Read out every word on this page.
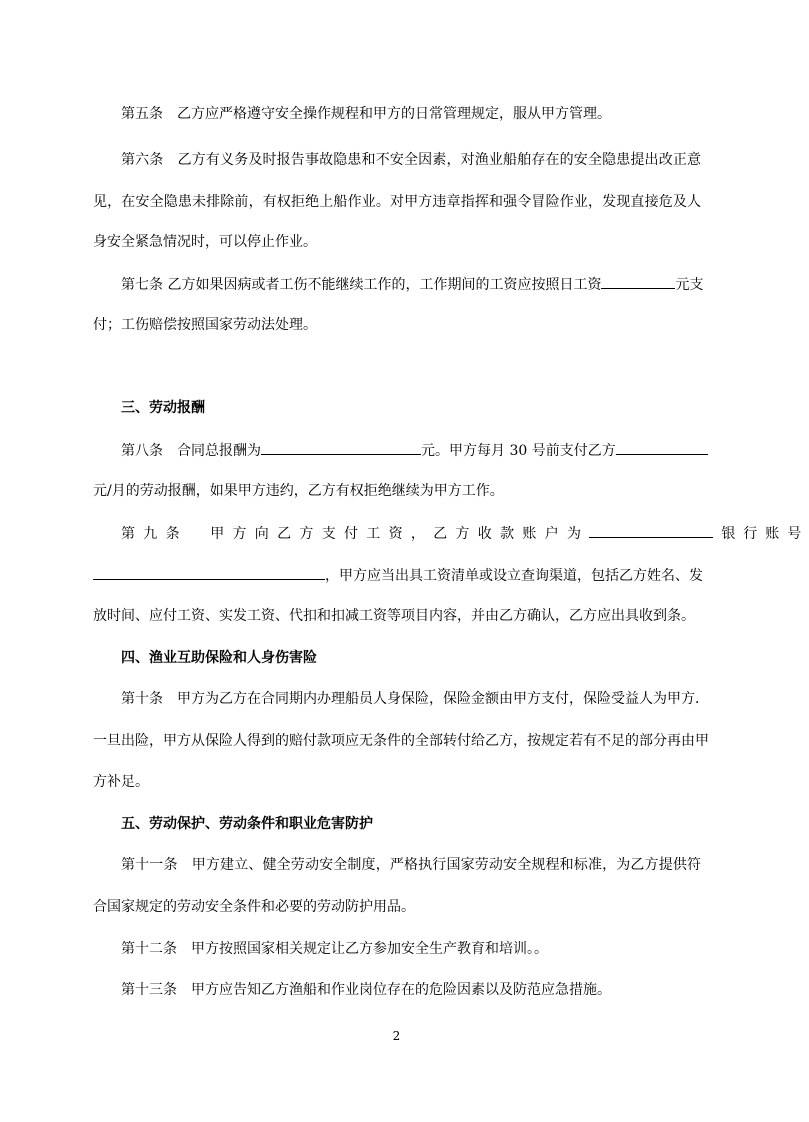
第五条　乙方应严格遵守安全操作规程和甲方的日常管理规定，服从甲方管理。
第六条　乙方有义务及时报告事故隐患和不安全因素，对渔业船舶存在的安全隐患提出改正意
见，在安全隐患未排除前，有权拒绝上船作业。对甲方违章指挥和强令冒险作业，发现直接危及人
身安全紧急情况时，可以停止作业。
第七条 乙方如果因病或者工伤不能继续工作的，工作期间的工资应按照日工资	元支
付；工伤赔偿按照国家劳动法处理。
三、劳动报酬
第八条　合同总报酬为	元。甲方每月 30 号前支付乙方
元/月的劳动报酬，如果甲方违约，乙方有权拒绝继续为甲方工作。
第九条　甲方向乙方支付工资，乙方收款账户为	银行账号
，甲方应当出具工资清单或设立查询渠道，包括乙方姓名、发
放时间、应付工资、实发工资、代扣和扣减工资等项目内容，并由乙方确认，乙方应出具收到条。
四、渔业互助保险和人身伤害险
第十条　甲方为乙方在合同期内办理船员人身保险，保险金额由甲方支付，保险受益人为甲方．
一旦出险，甲方从保险人得到的赔付款项应无条件的全部转付给乙方，按规定若有不足的部分再由甲
方补足。
五、劳动保护、劳动条件和职业危害防护
第十一条　甲方建立、健全劳动安全制度，严格执行国家劳动安全规程和标准，为乙方提供符
合国家规定的劳动安全条件和必要的劳动防护用品。
第十二条　甲方按照国家相关规定让乙方参加安全生产教育和培训。。
第十三条　甲方应告知乙方渔船和作业岗位存在的危险因素以及防范应急措施。
2
